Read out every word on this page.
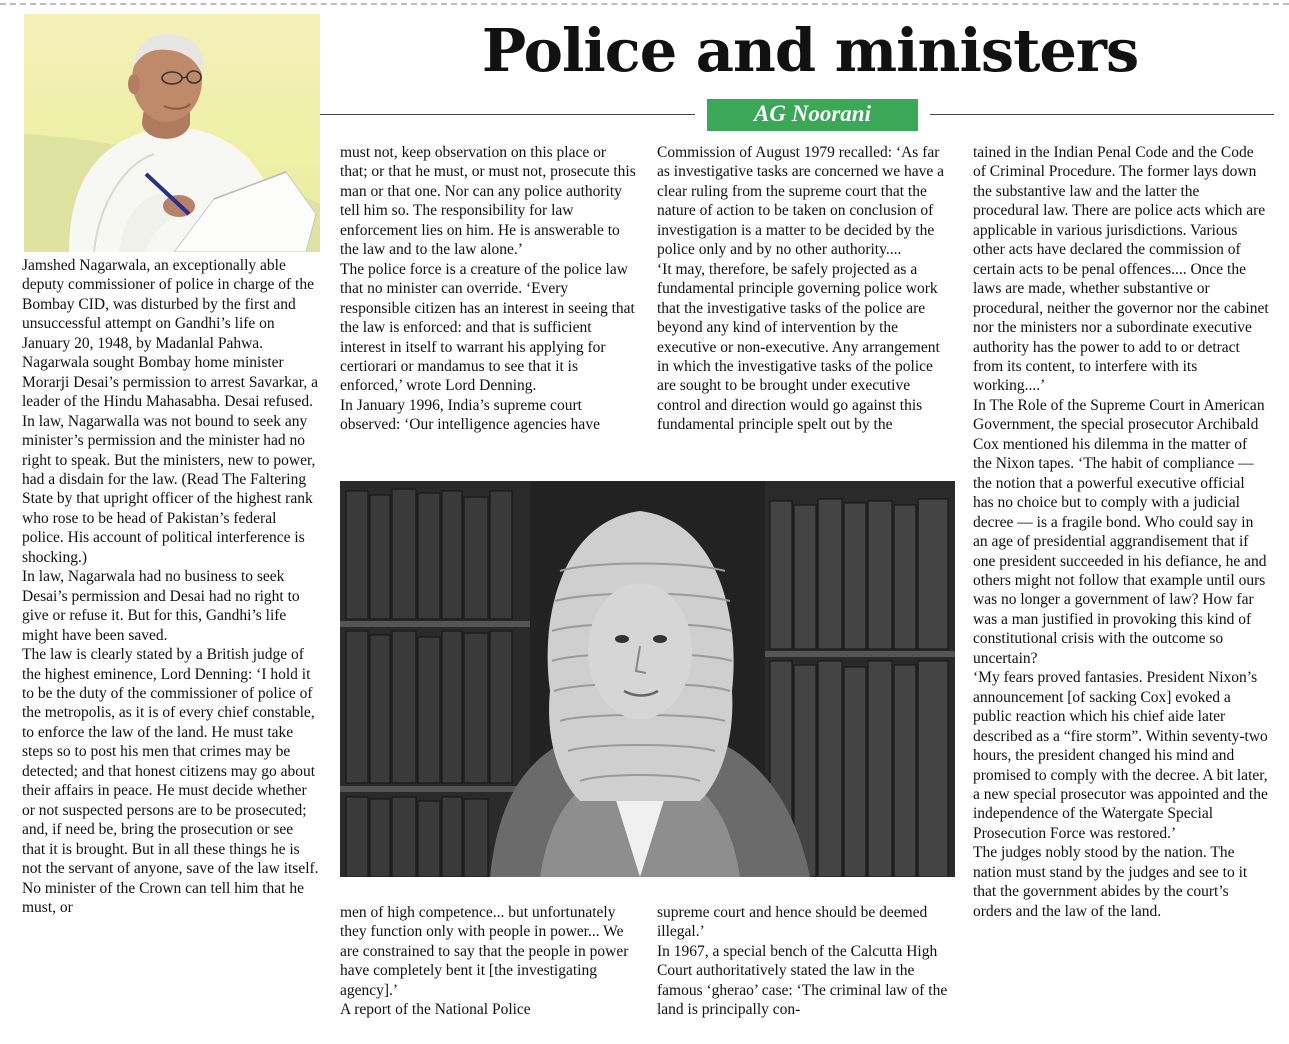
Police and ministers
AG Noorani

Jamshed Nagarwala, an exceptionally able deputy commissioner of police in charge of the Bombay CID, was disturbed by the first and unsuccessful attempt on Gandhi’s life on January 20, 1948, by Madanlal Pahwa. Nagarwala sought Bombay home minister Morarji Desai’s permission to arrest Savarkar, a leader of the Hindu Mahasabha. Desai refused.

In law, Nagarwalla was not bound to seek any minister’s permission and the minister had no right to speak. But the ministers, new to power, had a disdain for the law. (Read The Faltering State by that upright officer of the highest rank who rose to be head of Pakistan’s federal police. His account of political interference is shocking.)

In law, Nagarwala had no business to seek Desai’s permission and Desai had no right to give or refuse it. But for this, Gandhi’s life might have been saved.

The law is clearly stated by a British judge of the highest eminence, Lord Denning: ‘I hold it to be the duty of the commissioner of police of the metropolis, as it is of every chief constable, to enforce the law of the land. He must take steps so to post his men that crimes may be detected; and that honest citizens may go about their affairs in peace. He must decide whether or not suspected persons are to be prosecuted; and, if need be, bring the prosecution or see that it is brought. But in all these things he is not the servant of anyone, save of the law itself. No minister of the Crown can tell him that he must, or

must not, keep observation on this place or that; or that he must, or must not, prosecute this man or that one. Nor can any police authority tell him so. The responsibility for law enforcement lies on him. He is answerable to the law and to the law alone.’

The police force is a creature of the police law that no minister can override. ‘Every responsible citizen has an interest in seeing that the law is enforced: and that is sufficient interest in itself to warrant his applying for certiorari or mandamus to see that it is enforced,’ wrote Lord Denning.

In January 1996, India’s supreme court observed: ‘Our intelligence agencies have

men of high competence... but unfortunately they function only with people in power... We are constrained to say that the people in power have completely bent it [the investigating agency].’

A report of the National Police

Commission of August 1979 recalled: ‘As far as investigative tasks are concerned we have a clear ruling from the supreme court that the nature of action to be taken on conclusion of investigation is a matter to be decided by the police only and by no other authority....

‘It may, therefore, be safely projected as a fundamental principle governing police work that the investigative tasks of the police are beyond any kind of intervention by the executive or non-executive. Any arrangement in which the investigative tasks of the police are sought to be brought under executive control and direction would go against this fundamental principle spelt out by the

supreme court and hence should be deemed illegal.’

In 1967, a special bench of the Calcutta High Court authoritatively stated the law in the famous ‘gherao’ case: ‘The criminal law of the land is principally con-

tained in the Indian Penal Code and the Code of Criminal Procedure. The former lays down the substantive law and the latter the procedural law. There are police acts which are applicable in various jurisdictions. Various other acts have declared the commission of certain acts to be penal offences.... Once the laws are made, whether substantive or procedural, neither the governor nor the cabinet nor the ministers nor a subordinate executive authority has the power to add to or detract from its content, to interfere with its working....’

In The Role of the Supreme Court in American Government, the special prosecutor Archibald Cox mentioned his dilemma in the matter of the Nixon tapes. ‘The habit of compliance — the notion that a powerful executive official has no choice but to comply with a judicial decree — is a fragile bond. Who could say in an age of presidential aggrandisement that if one president succeeded in his defiance, he and others might not follow that example until ours was no longer a government of law? How far was a man justified in provoking this kind of constitutional crisis with the outcome so uncertain?

‘My fears proved fantasies. President Nixon’s announcement [of sacking Cox] evoked a public reaction which his chief aide later described as a “fire storm”. Within seventy-two hours, the president changed his mind and promised to comply with the decree. A bit later, a new special prosecutor was appointed and the independence of the Watergate Special Prosecution Force was restored.’

The judges nobly stood by the nation. The nation must stand by the judges and see to it that the government abides by the court’s orders and the law of the land.
